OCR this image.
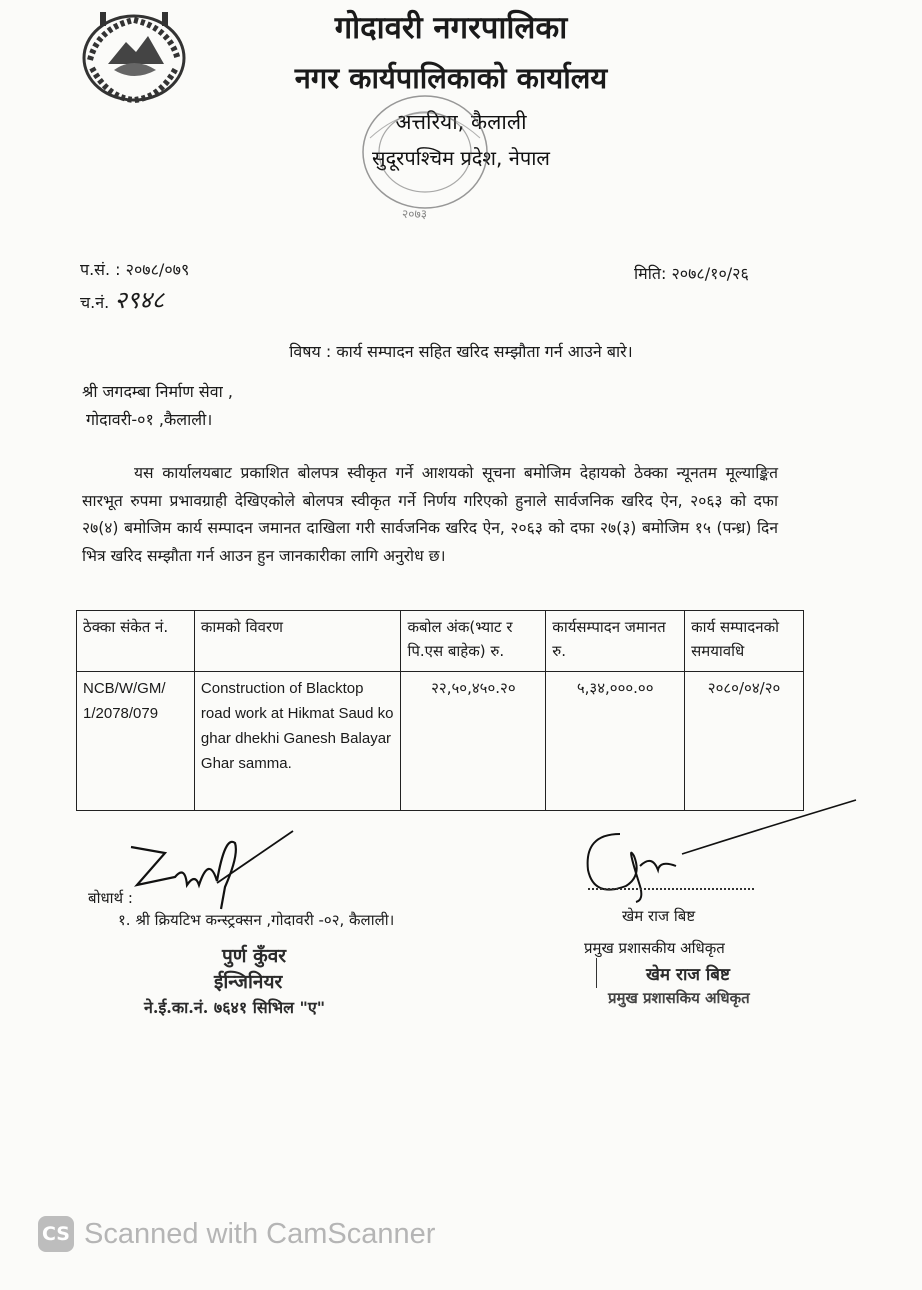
गोदावरी नगरपालिका
नगर कार्यपालिकाको कार्यालय
अत्तरिया, कैलाली
सुदूरपश्चिम प्रदेश, नेपाल
२०७३
प.सं. : २०७८/०७९
च.नं. २९४८
मिति: २०७८/१०/२६
विषय : कार्य सम्पादन सहित खरिद सम्झौता गर्न आउने बारे।
श्री जगदम्बा निर्माण सेवा ,
गोदावरी-०१ ,कैलाली।
यस कार्यालयबाट प्रकाशित बोलपत्र स्वीकृत गर्ने आशयको सूचना बमोजिम देहायको ठेक्का न्यूनतम मूल्याङ्कित सारभूत रुपमा प्रभावग्राही देखिएकोले बोलपत्र स्वीकृत गर्ने निर्णय गरिएको हुनाले सार्वजनिक खरिद ऐन, २०६३ को दफा २७(४) बमोजिम कार्य सम्पादन जमानत दाखिला गरी सार्वजनिक खरिद ऐन, २०६३ को दफा २७(३) बमोजिम १५ (पन्ध्र) दिन भित्र खरिद सम्झौता गर्न आउन हुन जानकारीका लागि अनुरोध छ।
ठेक्का संकेत नं.	कामको विवरण	कबोल अंक(भ्याट र पि.एस बाहेक) रु.	कार्यसम्पादन जमानत रु.	कार्य सम्पादनको समयावधि
NCB/W/GM/ 1/2078/079	Construction of Blacktop road work at Hikmat Saud ko ghar dhekhi Ganesh Balayar Ghar samma.	२२,५०,४५०.२०	५,३४,०००.००	२०८०/०४/२०
खेम राज बिष्ट
प्रमुख प्रशासकीय अधिकृत
खेम राज बिष्ट
प्रमुख प्रशासकिय अधिकृत
बोधार्थ :
१. श्री क्रियटिभ कन्स्ट्रक्सन ,गोदावरी -०२, कैलाली।
पुर्ण कुँवर
ईन्जिनियर
ने.ई.का.नं. ७६४१ सिभिल "ए"
CS Scanned with CamScanner
